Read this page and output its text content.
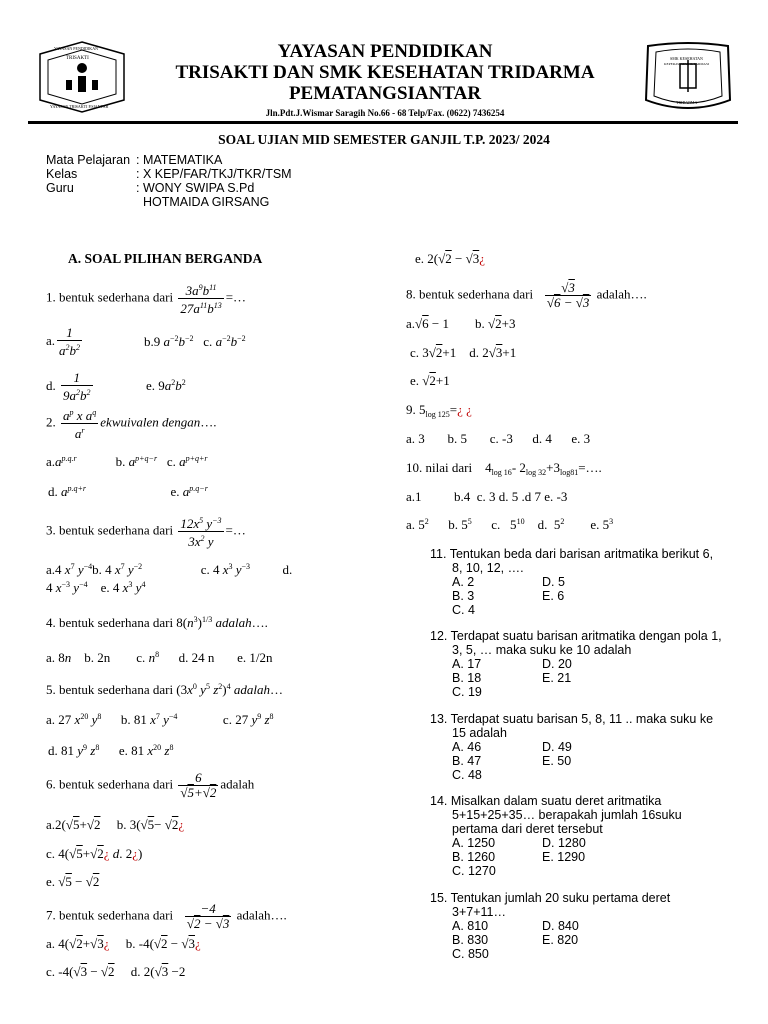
YAYASAN PENDIDIKAN
TRISAKTI
YAYASAN TRISAKTI P.SIANTAR
SMK KESEHATAN
KEPERAWATAN & FARMASI
TRIDARMA
YAYASAN PENDIDIKAN
TRISAKTI DAN SMK KESEHATAN TRIDARMA
PEMATANGSIANTAR
Jln.Pdt.J.Wismar Saragih No.66 - 68 Telp/Fax. (0622) 7436254
SOAL UJIAN MID SEMESTER GANJIL T.P. 2023/ 2024
Mata Pelajaran : MATEMATIKA
Kelas	: X KEP/FAR/TKJ/TKR/TSM
Guru	: WONY SWIPA S.Pd
HOTMAIDA GIRSANG
A. SOAL PILIHAN BERGANDA
1. bentuk sederhana dari $\frac{3a^9b^{11}}{27a^{11}b^{13}}$ =…
a. $\frac{1}{a^2b^2}$	b.9 $a^{-2}b^{-2}$   c. $a^{-2}b^{-2}$
d. $\frac{1}{9a^2b^2}$	e. $9a^2b^2$
2. $\frac{a^p x a^q}{a^r}$ ekwuivalen dengan….
$a.a^{p.q.r}$            b. $a^{p+q-r}$   c. $a^{p+q+r}$
d. $a^{p.q+r}$                          e. $a^{p.q-r}$
3. bentuk sederhana dari $\frac{12x^5 y^{-3}}{3x^2 y}$ =…
a.4 $x^7$ $y^{-4}b$. 4 $x^7$ $y^{-2}$                  c. 4 $x^3$ $y^{-3}$          d.
4 $x^{-3}$ $y^{-4}$    e. 4 $x^3$ $y^4$
4. bentuk sederhana dari $8(n^3)^{1/3}$ adalah….
a. 8n    b. 2n        c. $n^8$      d. 24 n       e. 1/2n
5. bentuk sederhana dari ($3x^0$ $y^5$ $z^2)^4$ adalah…
a. 27 $x^{20}$ $y^8$      b. 81 $x^7$ $y^{-4}$              c. 27 $y^9$ $z^8$
d. 81 $y^9$ $z^8$      e. 81 $x^{20}$ $z^8$
6. bentuk sederhana dari $\frac{6}{√5+√2}$ adalah
a.2(√5+√2     b. 3(√5− √2¿
c. 4(√5+√2¿ d. 2¿)
e. √5 − √2
7. bentuk sederhana dari $\frac{-4}{√2 - √3}$ adalah….
a. 4(√2+√3¿     b. -4(√2 − √3¿
c. -4(√3 − √2     d. 2(√3 −2
e. 2(√2 − √3¿
8. bentuk sederhana dari $\frac{√3}{√6 - √3}$ adalah….
a.√6 − 1        b. √2+3
c. 3√2+1    d. 2√3+1
e. √2+1
9. $5_{log 125}=¿$ ¿
a. 3       b. 5       c. -3      d. 4      e. 3
10. nilai dari    $4_{log 16}-$ $2_{log 32}+3_{log81}=\dots$.
a.1          b.4  c. 3 d. 5 .d 7 e. -3
a. $5^2$      b. $5^5$      c.   $5^{10}$    d.  $5^2$        e. $5^3$
11. Tentukan beda dari barisan aritmatika berikut 6,
8, 10, 12, ….
A. 2	D. 5
B. 3	E. 6
C. 4
12. Terdapat suatu barisan aritmatika dengan pola 1,
3, 5, … maka suku ke 10 adalah
A. 17	D. 20
B. 18	E. 21
C. 19
13. Terdapat suatu barisan 5, 8, 11 .. maka suku ke
15 adalah
A. 46	D. 49
B. 47	E. 50
C. 48
14. Misalkan dalam suatu deret aritmatika
5+15+25+35… berapakah jumlah 16suku
pertama dari deret tersebut
A. 1250	D. 1280
B. 1260	E. 1290
C. 1270
15. Tentukan jumlah 20 suku pertama deret
3+7+11…
A. 810	D. 840
B. 830	E. 820
C. 850
